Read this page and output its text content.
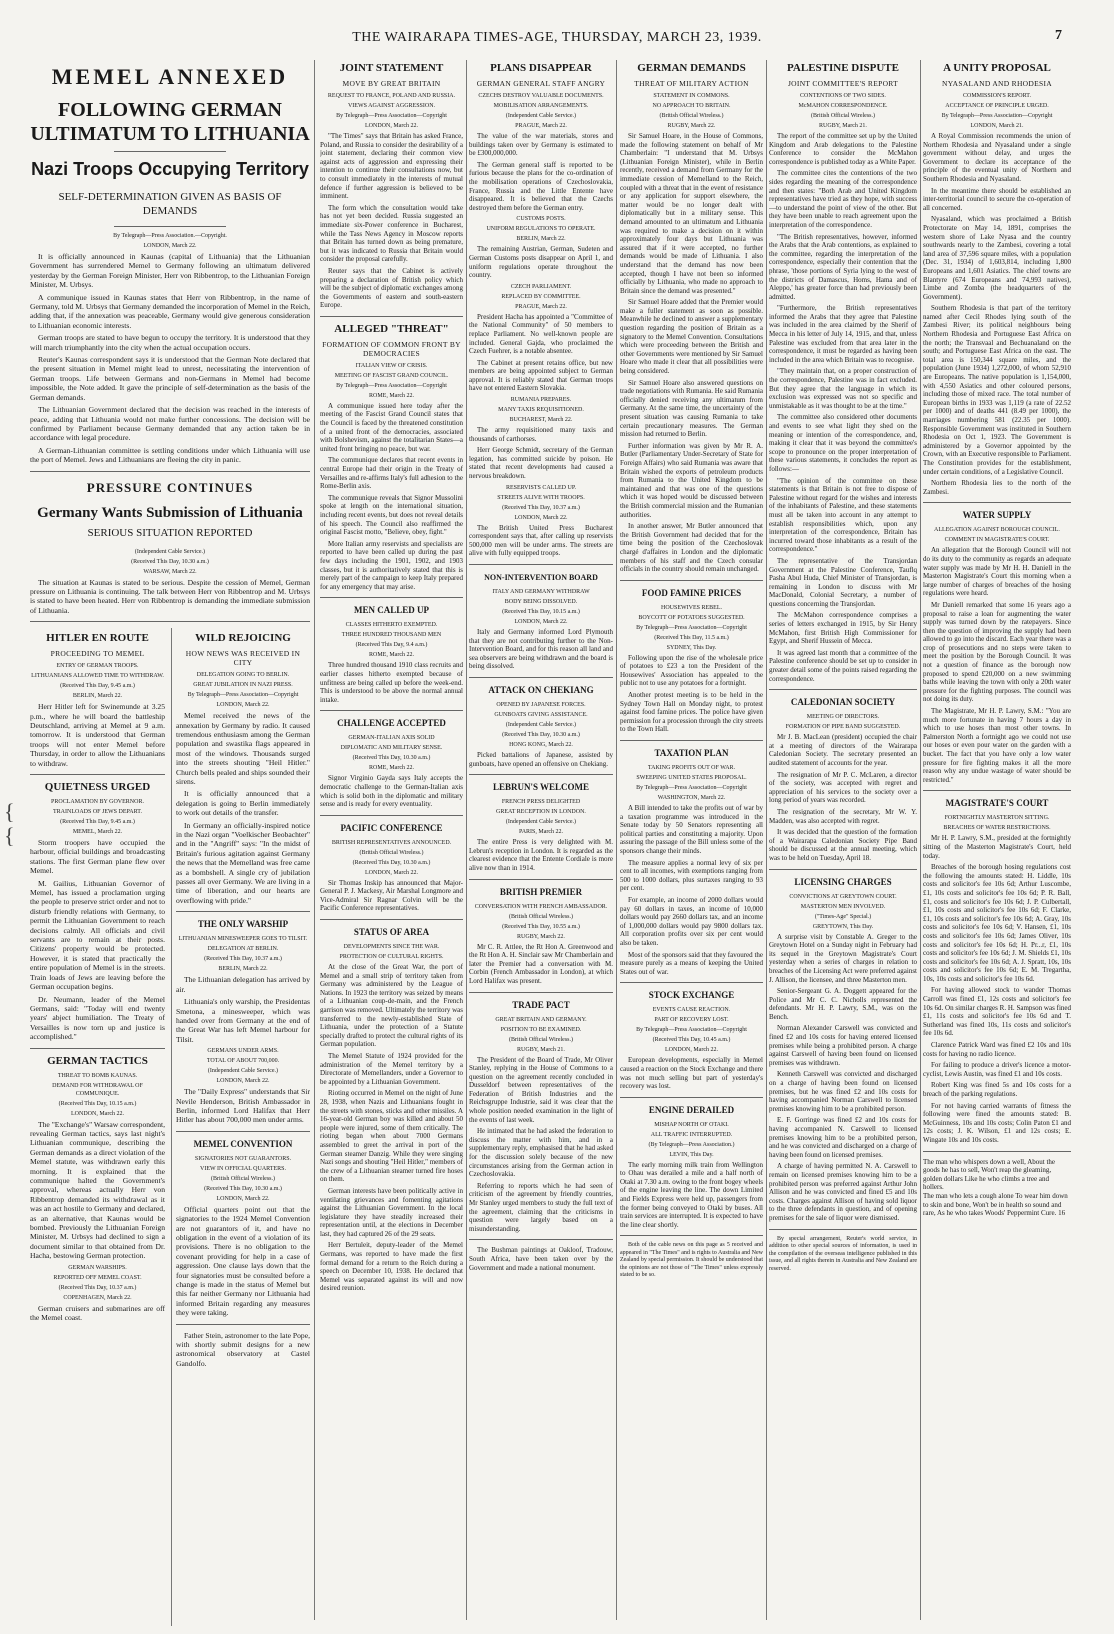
THE WAIRARAPA TIMES-AGE, THURSDAY, MARCH 23, 1939.	7
{
{
MEMEL ANNEXED
FOLLOWING GERMAN ULTIMATUM TO LITHUANIA
Nazi Troops Occupying Territory
SELF-DETERMINATION GIVEN AS BASIS OF DEMANDS
By Telegraph—Press Association.—Copyright.
LONDON, March 22.

It is officially announced in Kaunas (capital of Lithuania) that the Lithuanian Government has surrendered Memel to Germany following an ultimatum delivered yesterday by the German Foreign Minister, Herr von Ribbentrop, to the Lithuanian Foreign Minister, M. Urbsys.

A communique issued in Kaunas states that Herr von Ribbentrop, in the name of Germany, told M. Urbsys that Germany demanded the incorporation of Memel in the Reich, adding that, if the annexation was peaceable, Germany would give generous consideration to Lithuanian economic interests.

German troops are stated to have begun to occupy the territory. It is understood that they will march triumphantly into the city when the actual occupation occurs.

Reuter's Kaunas correspondent says it is understood that the German Note declared that the present situation in Memel might lead to unrest, necessitating the intervention of German troops. Life between Germans and non-Germans in Memel had become impossible, the Note added. It gave the principle of self-determination as the basis of the German demands.

The Lithuanian Government declared that the decision was reached in the interests of peace, adding that Lithuania would not make further concessions. The decision will be confirmed by Parliament because Germany demanded that any action taken be in accordance with legal procedure.

A German-Lithuanian committee is settling conditions under which Lithuania will use the port of Memel. Jews and Lithuanians are fleeing the city in panic.

PRESSURE CONTINUES
Germany Wants Submission of Lithuania
SERIOUS SITUATION REPORTED
(Independent Cable Service.)
(Received This Day, 10.30 a.m.)
WARSAW, March 22.

The situation at Kaunas is stated to be serious. Despite the cession of Memel, German pressure on Lithuania is continuing. The talk between Herr von Ribbentrop and M. Urbsys is stated to have been heated. Herr von Ribbentrop is demanding the immediate submission of Lithuania.

HITLER EN ROUTE
PROCEEDING TO MEMEL
ENTRY OF GERMAN TROOPS.
LITHUANIANS ALLOWED TIME TO WITHDRAW.
(Received This Day, 9.45 a.m.)
BERLIN, March 22.

Herr Hitler left for Swinemunde at 3.25 p.m., where he will board the battleship Deutschland, arriving at Memel at 9 a.m. tomorrow. It is understood that German troops will not enter Memel before Thursday, in order to allow the Lithuanians to withdraw.

QUIETNESS URGED
PROCLAMATION BY GOVERNOR.
TRAINLOADS OF JEWS DEPART.
(Received This Day, 9.45 a.m.)
MEMEL, March 22.

Storm troopers have occupied the harbour, official buildings and broadcasting stations. The first German plane flew over Memel.

M. Gailius, Lithuanian Governor of Memel, has issued a proclamation urging the people to preserve strict order and not to disturb friendly relations with Germany, to permit the Lithuanian Government to reach decisions calmly. All officials and civil servants are to remain at their posts. Citizens' property would be protected. However, it is stated that practically the entire population of Memel is in the streets. Train loads of Jews are leaving before the German occupation begins.

Dr. Neumann, leader of the Memel Germans, said: "Today will end twenty years' abject humiliation. The Treaty of Versailles is now torn up and justice is accomplished."

GERMAN TACTICS
THREAT TO BOMB KAUNAS.
DEMAND FOR WITHDRAWAL OF COMMUNIQUE.
(Received This Day, 10.15 a.m.)
LONDON, March 22.

The "Exchange's" Warsaw correspondent, revealing German tactics, says last night's Lithuanian communique, describing the German demands as a direct violation of the Memel statute, was withdrawn early this morning. It is explained that the communique halted the Government's approval, whereas actually Herr von Ribbentrop demanded its withdrawal as it was an act hostile to Germany and declared, as an alternative, that Kaunas would be bombed. Previously the Lithuanian Foreign Minister, M. Urbsys had declined to sign a document similar to that obtained from Dr. Hacha, bestowing German protection.

GERMAN WARSHIPS.
REPORTED OFF MEMEL COAST.
(Received This Day, 10.37 a.m.)
COPENHAGEN, March 22.

German cruisers and submarines are off the Memel coast.

WILD REJOICING
HOW NEWS WAS RECEIVED IN CITY
DELEGATION GOING TO BERLIN.
GREAT JUBILATION IN NAZI PRESS.
By Telegraph—Press Association—Copyright
LONDON, March 22.

Memel received the news of the annexation by Germany by radio. It caused tremendous enthusiasm among the German population and swastika flags appeared in most of the windows. Thousands surged into the streets shouting "Heil Hitler." Church bells pealed and ships sounded their sirens.

It is officially announced that a delegation is going to Berlin immediately to work out details of the transfer.

In Germany an officially-inspired notice in the Nazi organ "Voelkischer Beobachter" and in the "Angriff" says: "In the midst of Britain's furious agitation against Germany the news that the Memelland was free came as a bombshell. A single cry of jubilation passes all over Germany. We are living in a time of liberation, and our hearts are overflowing with pride."

THE ONLY WARSHIP
LITHUANIAN MINESWEEPER GOES TO TILSIT.
DELEGATION AT BERLIN.
(Received This Day, 10.37 a.m.)
BERLIN, March 22.

The Lithuanian delegation has arrived by air.

Lithuania's only warship, the Presidentas Smetona, a minesweeper, which was handed over from Germany at the end of the Great War has left Memel harbour for Tilsit.

GERMANS UNDER ARMS.
TOTAL OF ABOUT 700,000.
(Independent Cable Service.)
LONDON, March 22.

The "Daily Express" understands that Sir Nevile Henderson, British Ambassador in Berlin, informed Lord Halifax that Herr Hitler has about 700,000 men under arms.

MEMEL CONVENTION
SIGNATORIES NOT GUARANTORS.
VIEW IN OFFICIAL QUARTERS.
(British Official Wireless.)
(Received This Day, 10.30 a.m.)
LONDON, March 22.

Official quarters point out that the signatories to the 1924 Memel Convention are not guarantors of it, and have no obligation in the event of a violation of its provisions. There is no obligation to the covenant providing for help in a case of aggression. One clause lays down that the four signatories must be consulted before a change is made in the status of Memel but this far neither Germany nor Lithuania had informed Britain regarding any measures they were taking.

Father Stein, astronomer to the late Pope, with shortly submit designs for a new astronomical observatory at Castel Gandolfo.

JOINT STATEMENT
MOVE BY GREAT BRITAIN
REQUEST TO FRANCE, POLAND AND RUSSIA.
VIEWS AGAINST AGGRESSION.
By Telegraph—Press Association—Copyright
LONDON, March 22.

"The Times" says that Britain has asked France, Poland, and Russia to consider the desirability of a joint statement, declaring their common view against acts of aggression and expressing their intention to continue their consultations now, but to consult immediately in the interests of mutual defence if further aggression is believed to be imminent.

The form which the consultation would take has not yet been decided. Russia suggested an immediate six-Power conference in Bucharest, while the Tass News Agency in Moscow reports that Britain has turned down as being premature, but it was indicated to Russia that Britain would consider the proposal carefully.

Reuter says that the Cabinet is actively preparing a declaration of British policy which will be the subject of diplomatic exchanges among the Governments of eastern and south-eastern Europe.

ALLEGED "THREAT"
FORMATION OF COMMON FRONT BY DEMOCRACIES
ITALIAN VIEW OF CRISIS.
MEETING OF FASCIST GRAND COUNCIL.
By Telegraph—Press Association—Copyright
ROME, March 22.

A communique issued here today after the meeting of the Fascist Grand Council states that the Council is faced by the threatened constitution of a united front of the democracies, associated with Bolshevism, against the totalitarian States—a united front bringing no peace, but war.

The communique declares that recent events in central Europe had their origin in the Treaty of Versailles and re-affirms Italy's full adhesion to the Rome-Berlin axis.

The communique reveals that Signor Mussolini spoke at length on the international situation, including recent events, but does not reveal details of his speech. The Council also reaffirmed the original Fascist motto, "Believe, obey, fight."

More Italian army reservists and specialists are reported to have been called up during the past few days including the 1901, 1902, and 1903 classes, but it is authoritatively stated that this is merely part of the campaign to keep Italy prepared for any emergency that may arise.

MEN CALLED UP
CLASSES HITHERTO EXEMPTED.
THREE HUNDRED THOUSAND MEN
(Received This Day, 9.4 a.m.)
ROME, March 22.

Three hundred thousand 1910 class recruits and earlier classes hitherto exempted because of unfitness are being called up before the week-end. This is understood to be above the normal annual intake.

CHALLENGE ACCEPTED
GERMAN-ITALIAN AXIS SOLID
DIPLOMATIC AND MILITARY SENSE.
(Received This Day, 10.30 a.m.)
ROME, March 22.

Signor Virginio Gayda says Italy accepts the democratic challenge to the German-Italian axis which is solid both in the diplomatic and military sense and is ready for every eventuality.

PACIFIC CONFERENCE
BRITISH REPRESENTATIVES ANNOUNCED.
(British Official Wireless.)
(Received This Day, 10.30 a.m.)
LONDON, March 22.

Sir Thomas Inskip has announced that Major-General P. J. Mackesy, Air Marshal Longmore and Vice-Admiral Sir Ragnar Colvin will be the Pacific Conference representatives.

STATUS OF AREA
DEVELOPMENTS SINCE THE WAR.
PROTECTION OF CULTURAL RIGHTS.

At the close of the Great War, the port of Memel and a small strip of territory taken from Germany was administered by the League of Nations. In 1923 the territory was seized by means of a Lithuanian coup-de-main, and the French garrison was removed. Ultimately the territory was transferred to the newly-established State of Lithuania, under the protection of a Statute specially drafted to protect the cultural rights of its German population.

The Memel Statute of 1924 provided for the administration of the Memel territory by a Directorate of Memellanders, under a Governor to be appointed by a Lithuanian Government.

Rioting occurred in Memel on the night of June 28, 1938, when Nazis and Lithuanians fought in the streets with stones, sticks and other missiles. A 16-year-old German boy was killed and about 50 people were injured, some of them critically. The rioting began when about 7000 Germans assembled to greet the arrival in port of the German steamer Danzig. While they were singing Nazi songs and shouting "Heil Hitler," members of the crew of a Lithuanian steamer turned fire hoses on them.

German interests have been politically active in ventilating grievances and fomenting agitations against the Lithuanian Government. In the local legislature they have steadily increased their representation until, at the elections in December last, they had captured 26 of the 29 seats.

Herr Bertuleit, deputy-leader of the Memel Germans, was reported to have made the first formal demand for a return to the Reich during a speech on December 10, 1938. He declared that Memel was separated against its will and now desired reunion.

PLANS DISAPPEAR
GERMAN GENERAL STAFF ANGRY
CZECHS DESTROY VALUABLE DOCUMENTS.
MOBILISATION ARRANGEMENTS.
(Independent Cable Service.)
PRAGUE, March 22.

The value of the war materials, stores and buildings taken over by Germany is estimated to be £300,000,000.

The German general staff is reported to be furious because the plans for the co-ordination of the mobilisation operations of Czechoslovakia, France, Russia and the Little Entente have disappeared. It is believed that the Czechs destroyed them before the German entry.

CUSTOMS POSTS.
UNIFORM REGULATIONS TO OPERATE.
BERLIN, March 22.

The remaining Austrian, German, Sudeten and German Customs posts disappear on April 1, and uniform regulations operate throughout the country.

CZECH PARLIAMENT.
REPLACED BY COMMITTEE.
PRAGUE, March 22.

President Hacha has appointed a "Committee of the National Community" of 50 members to replace Parliament. No well-known people are included. General Gajda, who proclaimed the Czech Fuehrer, is a notable absentee.

The Cabinet at present retains office, but new members are being appointed subject to German approval. It is reliably stated that German troops have not entered Eastern Slovakia.

RUMANIA PREPARES.
MANY TAXIS REQUISITIONED.
BUCHAREST, March 22.

The army requisitioned many taxis and thousands of carthorses.

Herr George Schmidt, secretary of the German legation, has committed suicide by poison. He stated that recent developments had caused a nervous breakdown.

RESERVISTS CALLED UP.
STREETS ALIVE WITH TROOPS.
(Received This Day, 10.37 a.m.)
LONDON, March 22.

The British United Press Bucharest correspondent says that, after calling up reservists 500,000 men will be under arms. The streets are alive with fully equipped troops.

NON-INTERVENTION BOARD
ITALY AND GERMANY WITHDRAW
BODY BEING DISSOLVED.
(Received This Day, 10.15 a.m.)
LONDON, March 22.

Italy and Germany informed Lord Plymouth that they are not contributing further to the Non-Intervention Board, and for this reason all land and sea observers are being withdrawn and the board is being dissolved.

ATTACK ON CHEKIANG
OPENED BY JAPANESE FORCES.
GUNBOATS GIVING ASSISTANCE.
(Independent Cable Service.)
(Received This Day, 10.30 a.m.)
HONG KONG, March 22.

Picked battalions of Japanese, assisted by gunboats, have opened an offensive on Chekiang.

LEBRUN'S WELCOME
FRENCH PRESS DELIGHTED
GREAT RECEPTION IN LONDON.
(Independent Cable Service.)
PARIS, March 22.

The entire Press is very delighted with M. Lebrun's reception in London. It is regarded as the clearest evidence that the Entente Cordiale is more alive now than in 1914.

BRITISH PREMIER
CONVERSATION WITH FRENCH AMBASSADOR.
(British Official Wireless.)
(Received This Day, 10.55 a.m.)
RUGBY, March 22.

Mr C. R. Attlee, the Rt Hon A. Greenwood and the Rt Hon A. H. Sinclair saw Mr Chamberlain and later the Premier had a conversation with M. Corbin (French Ambassador in London), at which Lord Halifax was present.

TRADE PACT
GREAT BRITAIN AND GERMANY.
POSITION TO BE EXAMINED.
(British Official Wireless.)
RUGBY, March 21.

The President of the Board of Trade, Mr Oliver Stanley, replying in the House of Commons to a question on the agreement recently concluded in Dusseldorf between representatives of the Federation of British Industries and the Reichsgruppe Industrie, said it was clear that the whole position needed examination in the light of the events of last week.

He intimated that he had asked the federation to discuss the matter with him, and in a supplementary reply, emphasised that he had asked for the discussion solely because of the new circumstances arising from the German action in Czechoslovakia.

Referring to reports which he had seen of criticism of the agreement by friendly countries, Mr Stanley urged members to study the full text of the agreement, claiming that the criticisms in question were largely based on a misunderstanding.

The Bushman paintings at Oakloof, Tradouw, South Africa, have been taken over by the Government and made a national monument.

GERMAN DEMANDS
THREAT OF MILITARY ACTION
STATEMENT IN COMMONS.
NO APPROACH TO BRITAIN.
(British Official Wireless.)
RUGBY, March 22.

Sir Samuel Hoare, in the House of Commons, made the following statement on behalf of Mr Chamberlain: "I understand that M. Urbsys (Lithuanian Foreign Minister), while in Berlin recently, received a demand from Germany for the immediate cession of Memelland to the Reich, coupled with a threat that in the event of resistance or any application for support elsewhere, the matter would be no longer dealt with diplomatically but in a military sense. This demand amounted to an ultimatum and Lithuania was required to make a decision on it within approximately four days but Lithuania was assured that if it were accepted, no further demands would be made of Lithuania. I also understand that the demand has now been accepted, though I have not been so informed officially by Lithuania, who made no approach to Britain since the demand was presented."

Sir Samuel Hoare added that the Premier would make a fuller statement as soon as possible. Meanwhile he declined to answer a supplementary question regarding the position of Britain as a signatory to the Memel Convention. Consultations which were proceeding between the British and other Governments were mentioned by Sir Samuel Hoare who made it clear that all possibilities were being considered.

Sir Samuel Hoare also answered questions on trade negotiations with Rumania. He said Rumania officially denied receiving any ultimatum from Germany. At the same time, the uncertainty of the present situation was causing Rumania to take certain precautionary measures. The German mission had returned to Berlin.

Further information was given by Mr R. A. Butler (Parliamentary Under-Secretary of State for Foreign Affairs) who said Rumania was aware that Britain wished the exports of petroleum products from Rumania to the United Kingdom to be maintained and that was one of the questions which it was hoped would be discussed between the British commercial mission and the Rumanian authorities.

In another answer, Mr Butler announced that the British Government had decided that for the time being the position of the Czechoslovak chargé d'affaires in London and the diplomatic members of his staff and the Czech consular officials in the country should remain unchanged.

FOOD FAMINE PRICES
HOUSEWIVES REBEL.
BOYCOTT OF POTATOES SUGGESTED.
By Telegraph—Press Association—Copyright
(Received This Day, 11.5 a.m.)
SYDNEY, This Day.

Following upon the rise of the wholesale price of potatoes to £23 a ton the President of the Housewives' Association has appealed to the public not to use any potatoes for a fortnight.

Another protest meeting is to be held in the Sydney Town Hall on Monday night, to protest against food famine prices. The police have given permission for a procession through the city streets to the Town Hall.

TAXATION PLAN
TAKING PROFITS OUT OF WAR.
SWEEPING UNITED STATES PROPOSAL.
By Telegraph—Press Association—Copyright
WASHINGTON, March 22.

A Bill intended to take the profits out of war by a taxation programme was introduced in the Senate today by 50 Senators representing all political parties and constituting a majority. Upon assuring the passage of the Bill unless some of the sponsors change their minds.

The measure applies a normal levy of six per cent to all incomes, with exemptions ranging from 500 to 1000 dollars, plus surtaxes ranging to 93 per cent.

For example, an income of 2000 dollars would pay 60 dollars in taxes, an income of 10,000 dollars would pay 2660 dollars tax, and an income of 1,000,000 dollars would pay 9800 dollars tax. All corporation profits over six per cent would also be taken.

Most of the sponsors said that they favoured the measure purely as a means of keeping the United States out of war.

STOCK EXCHANGE
EVENTS CAUSE REACTION.
PART OF RECOVERY LOST.
By Telegraph—Press Association—Copyright
(Received This Day, 10.45 a.m.)
LONDON, March 22.

European developments, especially in Memel caused a reaction on the Stock Exchange and there was not much selling but part of yesterday's recovery was lost.

ENGINE DERAILED
MISHAP NORTH OF OTAKI.
ALL TRAFFIC INTERRUPTED.
(By Telegraph—Press Association.)
LEVIN, This Day.

The early morning milk train from Wellington to Ohau was derailed a mile and a half north of Otaki at 7.30 a.m. owing to the front bogey wheels of the engine leaving the line. The down Limited and Fields Express were held up, passengers from the former being conveyed to Otaki by buses. All train services are interrupted. It is expected to have the line clear shortly.

Both of the cable news on this page as 5 received and appeared in "The Times" and is rights to Australia and New Zealand by special permission. It should be understood that the opinions are not those of "The Times" unless expressly stated to be so.

PALESTINE DISPUTE
JOINT COMMITTEE'S REPORT
CONTENTIONS OF TWO SIDES.
McMAHON CORRESPONDENCE.
(British Official Wireless.)
RUGBY, March 21.

The report of the committee set up by the United Kingdom and Arab delegations to the Palestine Conference to consider the McMahon correspondence is published today as a White Paper.

The committee cites the contentions of the two sides regarding the meaning of the correspondence and then states: "Both Arab and United Kingdom representatives have tried as they hope, with success—to understand the point of view of the other. But they have been unable to reach agreement upon the interpretation of the correspondence.

"The British representatives, however, informed the Arabs that the Arab contentions, as explained to the committee, regarding the interpretation of the correspondence, especially their contention that the phrase, 'those portions of Syria lying to the west of the districts of Damascus, Homs, Hama and of Aleppo,' has greater force than had previously been admitted.

"Furthermore, the British representatives informed the Arabs that they agree that Palestine was included in the area claimed by the Sherif of Mecca in his letter of July 14, 1915, and that, unless Palestine was excluded from that area later in the correspondence, it must be regarded as having been included in the area which Britain was to recognise.

"They maintain that, on a proper construction of the correspondence, Palestine was in fact excluded. But they agree that the language in which its exclusion was expressed was not so specific and unmistakable as it was thought to be at the time."

The committee also considered other documents and events to see what light they shed on the meaning or intention of the correspondence, and, making it clear that it was beyond the committee's scope to pronounce on the proper interpretation of these various statements, it concludes the report as follows:—

"The opinion of the committee on these statements is that Britain is not free to dispose of Palestine without regard for the wishes and interests of the inhabitants of Palestine, and these statements must all be taken into account in any attempt to establish responsibilities which, upon any interpretation of the correspondence, Britain has incurred toward those inhabitants as a result of the correspondence."

The representative of the Transjordan Government at the Palestine Conference, Tauflq Pasha Abul Huda, Chief Minister of Transjordan, is remaining in London to discuss with Mr MacDonald, Colonial Secretary, a number of questions concerning the Transjordan.

The McMahon correspondence comprises a series of letters exchanged in 1915, by Sir Henry McMahon, first British High Commissioner for Egypt, and Sherif Hussein of Mecca.

It was agreed last month that a committee of the Palestine conference should be set up to consider in greater detail some of the points raised regarding the correspondence.

CALEDONIAN SOCIETY
MEETING OF DIRECTORS.
FORMATION OF PIPE BAND SUGGESTED.

Mr J. B. MacLean (president) occupied the chair at a meeting of directors of the Wairarapa Caledonian Society. The secretary presented an audited statement of accounts for the year.

The resignation of Mr P. C. McLaren, a director of the society, was accepted with regret and appreciation of his services to the society over a long period of years was recorded.

The resignation of the secretary, Mr W. Y. Madden, was also accepted with regret.

It was decided that the question of the formation of a Wairarapa Caledonian Society Pipe Band should be discussed at the annual meeting, which was to be held on Tuesday, April 18.

LICENSING CHARGES
CONVICTIONS AT GREYTOWN COURT.
MASTERTON MEN INVOLVED.
("Times-Age" Special.)
GREYTOWN, This Day.

A surprise visit by Constable A. Greger to the Greytown Hotel on a Sunday night in February had its sequel in the Greytown Magistrate's Court yesterday when a series of charges in relation to breaches of the Licensing Act were preferred against J. Allison, the licensee, and three Masterton men.

Senior-Sergeant G. A. Doggett appeared for the Police and Mr C. C. Nicholls represented the defendants. Mr H. P. Lawry, S.M., was on the Bench.

Norman Alexander Carswell was convicted and fined £2 and 10s costs for having entered licensed premises while being a prohibited person. A charge against Carswell of having been found on licensed premises was withdrawn.

Kenneth Carswell was convicted and discharged on a charge of having been found on licensed premises, but he was fined £2 and 10s costs for having accompanied Norman Carswell to licensed premises knowing him to be a prohibited person.

E. F. Gorringe was fined £2 and 10s costs for having accompanied N. Carswell to licensed premises knowing him to be a prohibited person, and he was convicted and discharged on a charge of having been found on licensed premises.

A charge of having permitted N. A. Carswell to remain on licensed premises knowing him to be a prohibited person was preferred against Arthur John Allison and he was convicted and fined £5 and 10s costs. Charges against Allison of having sold liquor to the three defendants in question, and of opening premises for the sale of liquor were dismissed.

By special arrangement, Reuter's world service, in addition to other special sources of information, is used in the compilation of the overseas intelligence published in this issue, and all rights therein in Australia and New Zealand are reserved.

A UNITY PROPOSAL
NYASALAND AND RHODESIA
COMMISSION'S REPORT.
ACCEPTANCE OF PRINCIPLE URGED.
By Telegraph—Press Association—Copyright
LONDON, March 21.

A Royal Commission recommends the union of Northern Rhodesia and Nyasaland under a single government without delay, and urges the Government to declare its acceptance of the principle of the eventual unity of Northern and Southern Rhodesia and Nyasaland.

In the meantime there should be established an inter-territorial council to secure the co-operation of all concerned.

Nyasaland, which was proclaimed a British Protectorate on May 14, 1891, comprises the western shore of Lake Nyasa and the country southwards nearly to the Zambesi, covering a total land area of 37,596 square miles, with a population (Dec. 31, 1934) of 1,603,814, including 1,800 Europeans and 1,601 Asiatics. The chief towns are Blantyre (674 Europeans and 74,993 natives), Limbe and Zomba (the headquarters of the Government).

Southern Rhodesia is that part of the territory named after Cecil Rhodes lying south of the Zambesi River; its political neighbours being Northern Rhodesia and Portuguese East Africa on the north; the Transvaal and Bechuanaland on the south; and Portuguese East Africa on the east. The total area is 150,344 square miles, and the population (June 1934) 1,272,000, of whom 52,910 are Europeans. The native population is 1,154,000, with 4,550 Asiatics and other coloured persons, including those of mixed race. The total number of European births in 1933 was 1,119 (a rate of 22.52 per 1000) and of deaths 441 (8.49 per 1000), the marriages numbering 581 (22.35 per 1000). Responsible Government was instituted in Southern Rhodesia on Oct 1, 1923. The Government is administered by a Governor appointed by the Crown, with an Executive responsible to Parliament. The Constitution provides for the establishment, under certain conditions, of a Legislative Council.

Northern Rhodesia lies to the north of the Zambesi.

WATER SUPPLY
ALLEGATION AGAINST BOROUGH COUNCIL.
COMMENT IN MAGISTRATE'S COURT.

An allegation that the Borough Council will not do its duty to the community as regards an adequate water supply was made by Mr H. H. Daniell in the Masterton Magistrate's Court this morning when a large number of charges of breaches of the hosing regulations were heard.

Mr Daniell remarked that some 16 years ago a proposal to raise a loan for augmenting the water supply was turned down by the ratepayers. Since then the question of improving the supply had been allowed to go into the discard. Each year there was a crop of prosecutions and no steps were taken to meet the position by the Borough Council. It was not a question of finance as the borough now proposed to spend £20,000 on a new swimming baths while leaving the town with only a 20th water pressure for the fighting purposes. The council was not doing its duty.

The Magistrate, Mr H. P. Lawry, S.M.: "You are much more fortunate in having 7 hours a day in which to use hoses than most other towns. In Palmerston North a fortnight ago we could not use our hoses or even pour water on the garden with a bucket. The fact that you have only a low water pressure for fire fighting makes it all the more reason why any undue wastage of water should be restricted."

MAGISTRATE'S COURT
FORTNIGHTLY MASTERTON SITTING.
BREACHES OF WATER RESTRICTIONS.

Mr H. P. Lawry, S.M., presided at the fortnightly sitting of the Masterton Magistrate's Court, held today.

Breaches of the borough hosing regulations cost the following the amounts stated: H. Liddle, 10s costs and solicitor's fee 10s 6d; Arthur Luscombe, £1, 10s costs and solicitor's fee 10s 6d; P. R. Ball, £1, costs and solicitor's fee 10s 6d; J. P. Culbertall, £1, 10s costs and solicitor's fee 10s 6d; F. Clarke, £1, 10s costs and solicitor's fee 10s 6d; A. Gray, 10s costs and solicitor's fee 10s 6d; V. Hansen, £1, 10s costs and solicitor's fee 10s 6d; James Oliver, 10s costs and solicitor's fee 10s 6d; H. Pr...r, £1, 10s costs and solicitor's fee 10s 6d; J. M. Shields £1, 10s costs and solicitor's fee 10s 6d; A. J. Spratt, 10s, 10s costs and solicitor's fee 10s 6d; E. M. Tregartha, 10s, 10s costs and solicitor's fee 10s 6d.

For having allowed stock to wander Thomas Carroll was fined £1, 12s costs and solicitor's fee 10s 6d. On similar charges R. H. Sampson was fined £1, 11s costs and solicitor's fee 10s 6d and T. Sutherland was fined 10s, 11s costs and solicitor's fee 10s 6d.

Clarence Patrick Ward was fined £2 10s and 10s costs for having no radio licence.

For failing to produce a driver's licence a motor-cyclist, Lewis Austin, was fined £1 and 10s costs.

Robert King was fined 5s and 10s costs for a breach of the parking regulations.

For not having carried warrants of fitness the following were fined the amounts stated: B. McGuinness, 10s and 10s costs; Colin Paton £1 and 12s costs; J. K. Wilson, £1 and 12s costs; E. Wingate 10s and 10s costs.

The man who whispers down a well, About the goods he has to sell, Won't reap the gleaming, golden dollars Like he who climbs a tree and hollers.
The man who lets a cough alone To wear him down to skin and bone, Won't be in health so sound and rare, As he who takes Woods' Peppermint Cure. 16
